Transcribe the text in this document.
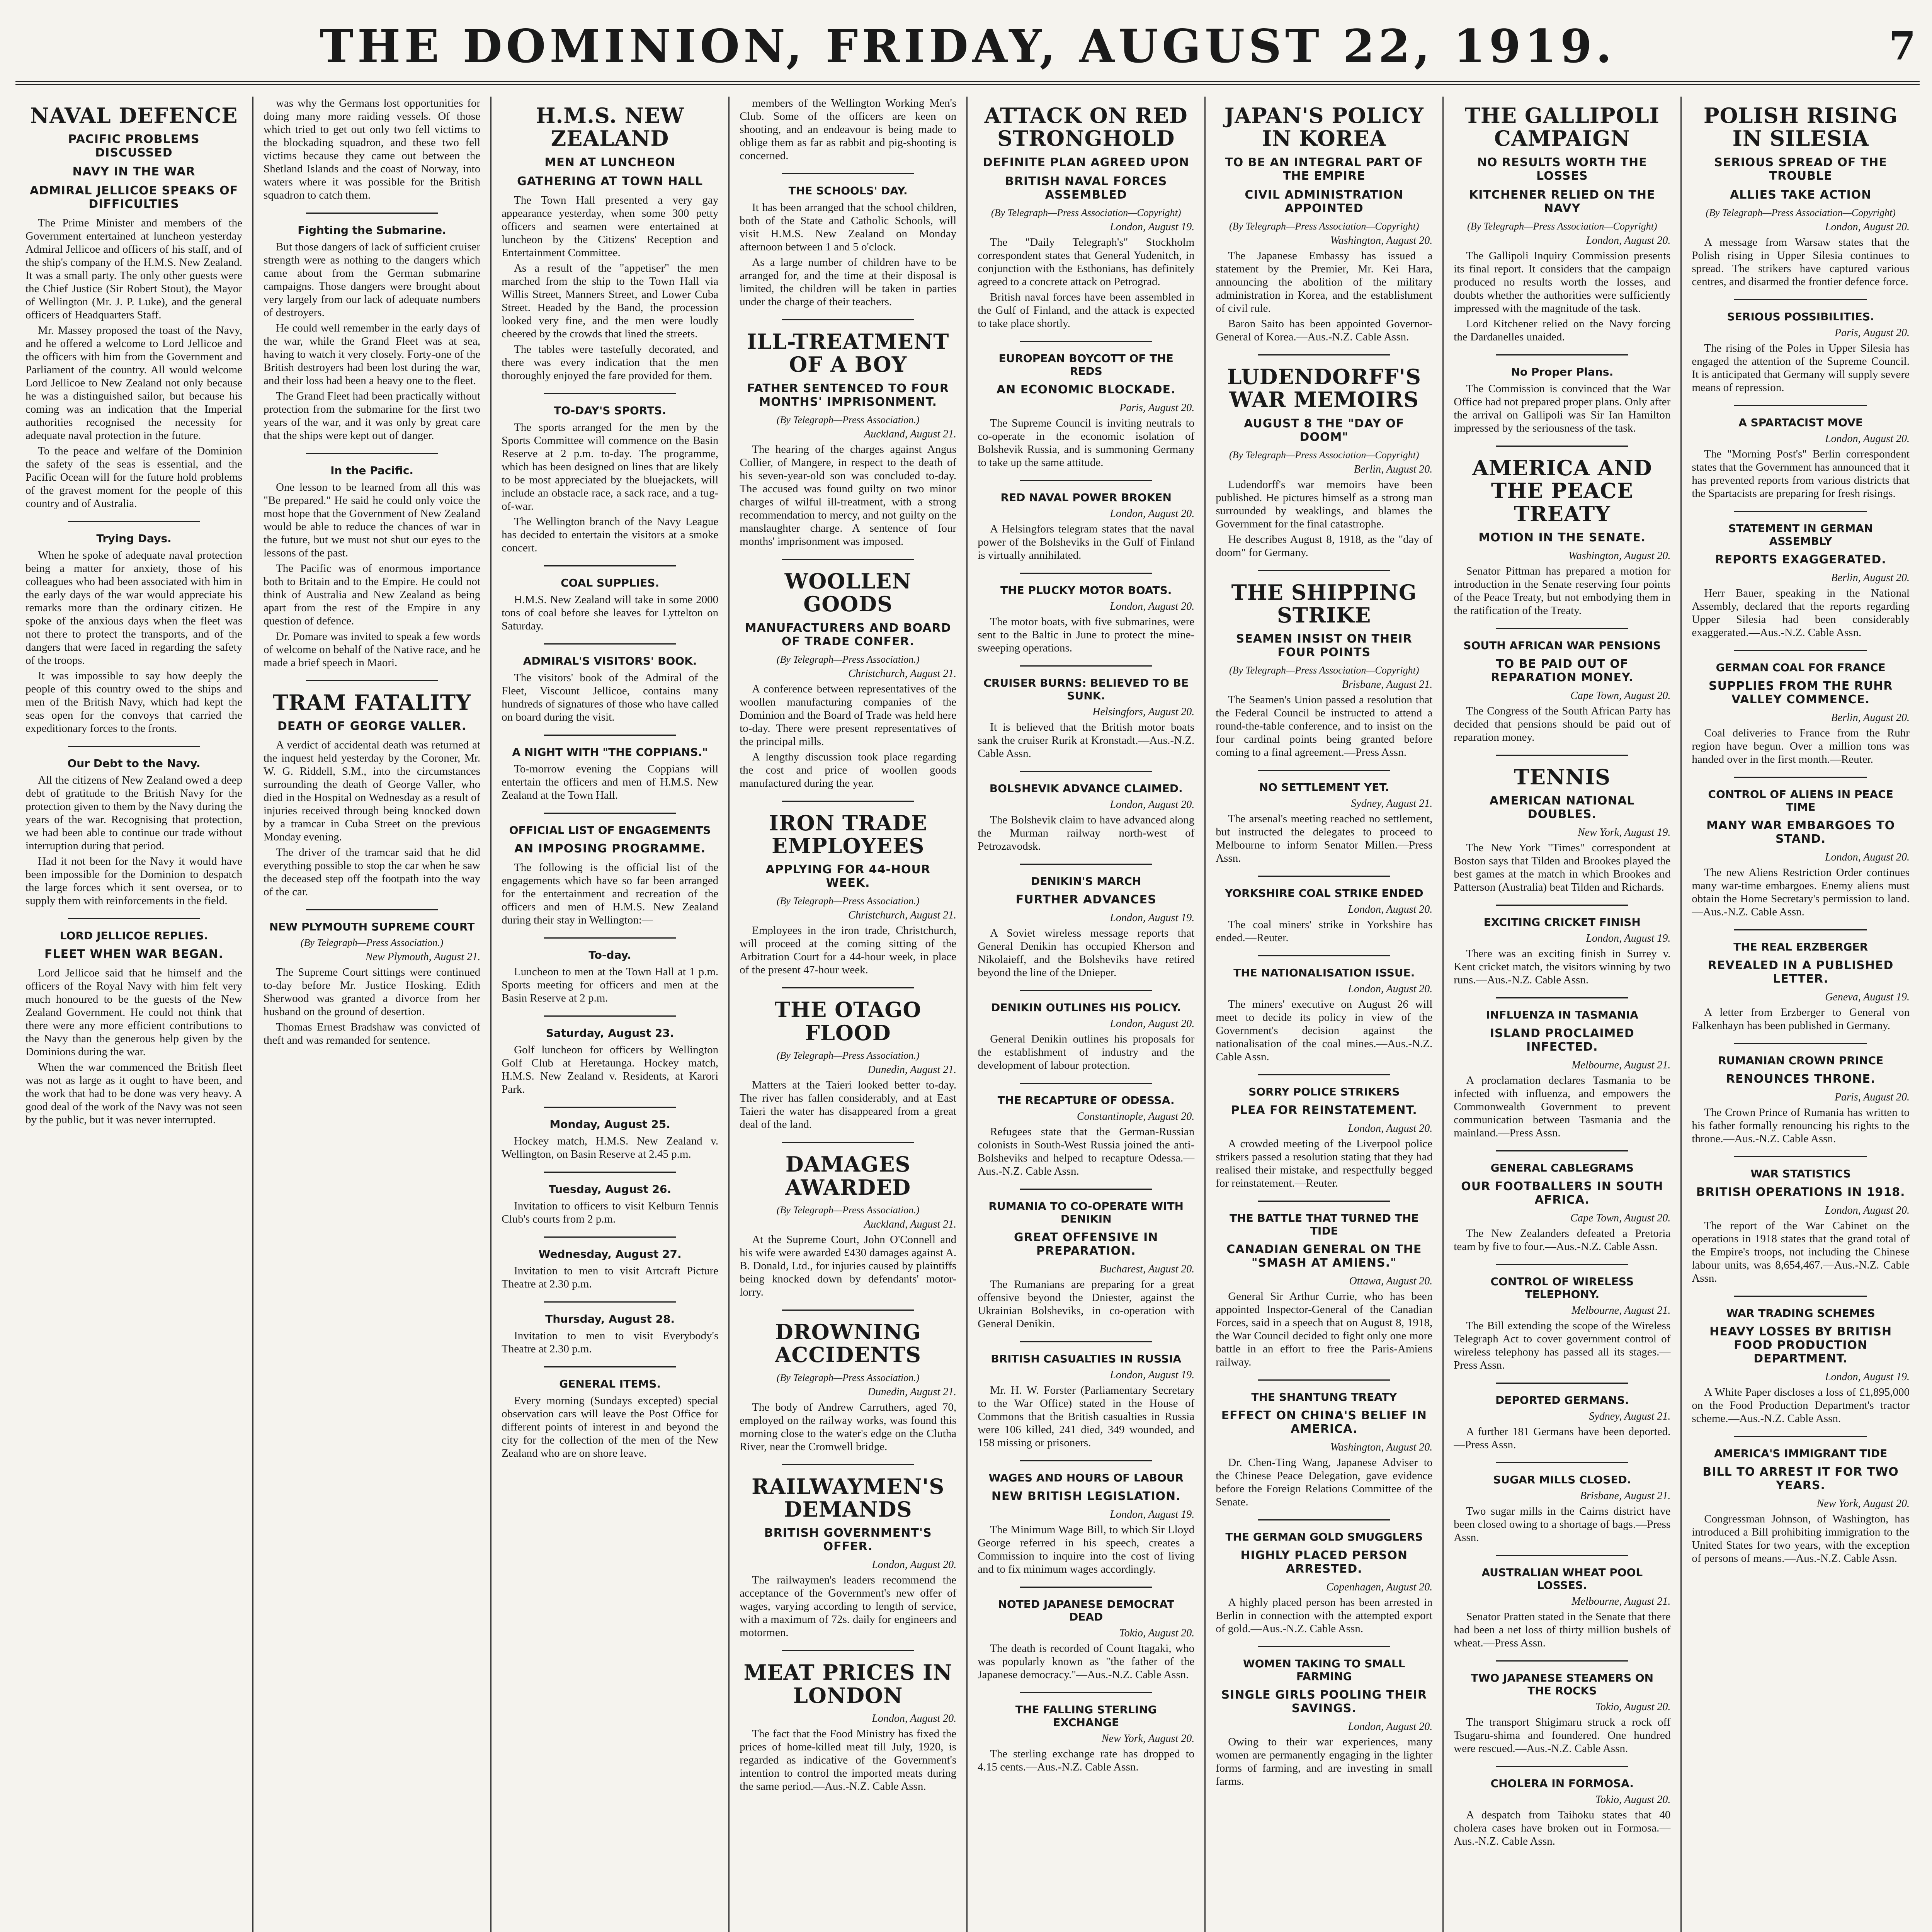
THE DOMINION, FRIDAY, AUGUST 22, 1919.	7
NAVAL DEFENCE
PACIFIC PROBLEMS DISCUSSED
NAVY IN THE WAR
ADMIRAL JELLICOE SPEAKS OF DIFFICULTIES

The Prime Minister and members of the Government entertained at luncheon yesterday Admiral Jellicoe and officers of his staff, and of the ship's company of the H.M.S. New Zealand. It was a small party. The only other guests were the Chief Justice (Sir Robert Stout), the Mayor of Wellington (Mr. J. P. Luke), and the general officers of Headquarters Staff.

Mr. Massey proposed the toast of the Navy, and he offered a welcome to Lord Jellicoe and the officers with him from the Government and Parliament of the country. All would welcome Lord Jellicoe to New Zealand not only because he was a distinguished sailor, but because his coming was an indication that the Imperial authorities recognised the necessity for adequate naval protection in the future.

To the peace and welfare of the Dominion the safety of the seas is essential, and the Pacific Ocean will for the future hold problems of the gravest moment for the people of this country and of Australia.

Trying Days.

When he spoke of adequate naval protection being a matter for anxiety, those of his colleagues who had been associated with him in the early days of the war would appreciate his remarks more than the ordinary citizen. He spoke of the anxious days when the fleet was not there to protect the transports, and of the dangers that were faced in regarding the safety of the troops.

It was impossible to say how deeply the people of this country owed to the ships and men of the British Navy, which had kept the seas open for the convoys that carried the expeditionary forces to the fronts.

Our Debt to the Navy.

All the citizens of New Zealand owed a deep debt of gratitude to the British Navy for the protection given to them by the Navy during the years of the war. Recognising that protection, we had been able to continue our trade without interruption during that period.

Had it not been for the Navy it would have been impossible for the Dominion to despatch the large forces which it sent oversea, or to supply them with reinforcements in the field.

LORD JELLICOE REPLIES.
FLEET WHEN WAR BEGAN.

Lord Jellicoe said that he himself and the officers of the Royal Navy with him felt very much honoured to be the guests of the New Zealand Government. He could not think that there were any more efficient contributions to the Navy than the generous help given by the Dominions during the war.

When the war commenced the British fleet was not as large as it ought to have been, and the work that had to be done was very heavy. A good deal of the work of the Navy was not seen by the public, but it was never interrupted.

was why the Germans lost opportunities for doing many more raiding vessels. Of those which tried to get out only two fell victims to the blockading squadron, and these two fell victims because they came out between the Shetland Islands and the coast of Norway, into waters where it was possible for the British squadron to catch them.

Fighting the Submarine.

But those dangers of lack of sufficient cruiser strength were as nothing to the dangers which came about from the German submarine campaigns. Those dangers were brought about very largely from our lack of adequate numbers of destroyers.

He could well remember in the early days of the war, while the Grand Fleet was at sea, having to watch it very closely. Forty-one of the British destroyers had been lost during the war, and their loss had been a heavy one to the fleet.

The Grand Fleet had been practically without protection from the submarine for the first two years of the war, and it was only by great care that the ships were kept out of danger.

In the Pacific.

One lesson to be learned from all this was "Be prepared." He said he could only voice the most hope that the Government of New Zealand would be able to reduce the chances of war in the future, but we must not shut our eyes to the lessons of the past.

The Pacific was of enormous importance both to Britain and to the Empire. He could not think of Australia and New Zealand as being apart from the rest of the Empire in any question of defence.

Dr. Pomare was invited to speak a few words of welcome on behalf of the Native race, and he made a brief speech in Maori.

TRAM FATALITY
DEATH OF GEORGE VALLER.

A verdict of accidental death was returned at the inquest held yesterday by the Coroner, Mr. W. G. Riddell, S.M., into the circumstances surrounding the death of George Valler, who died in the Hospital on Wednesday as a result of injuries received through being knocked down by a tramcar in Cuba Street on the previous Monday evening.

The driver of the tramcar said that he did everything possible to stop the car when he saw the deceased step off the footpath into the way of the car.

NEW PLYMOUTH SUPREME COURT
(By Telegraph—Press Association.)
New Plymouth, August 21.

The Supreme Court sittings were continued to-day before Mr. Justice Hosking. Edith Sherwood was granted a divorce from her husband on the ground of desertion.

Thomas Ernest Bradshaw was convicted of theft and was remanded for sentence.

H.M.S. NEW ZEALAND
MEN AT LUNCHEON
GATHERING AT TOWN HALL

The Town Hall presented a very gay appearance yesterday, when some 300 petty officers and seamen were entertained at luncheon by the Citizens' Reception and Entertainment Committee.

As a result of the "appetiser" the men marched from the ship to the Town Hall via Willis Street, Manners Street, and Lower Cuba Street. Headed by the Band, the procession looked very fine, and the men were loudly cheered by the crowds that lined the streets.

The tables were tastefully decorated, and there was every indication that the men thoroughly enjoyed the fare provided for them.

TO-DAY'S SPORTS.

The sports arranged for the men by the Sports Committee will commence on the Basin Reserve at 2 p.m. to-day. The programme, which has been designed on lines that are likely to be most appreciated by the bluejackets, will include an obstacle race, a sack race, and a tug-of-war.

The Wellington branch of the Navy League has decided to entertain the visitors at a smoke concert.

COAL SUPPLIES.

H.M.S. New Zealand will take in some 2000 tons of coal before she leaves for Lyttelton on Saturday.

ADMIRAL'S VISITORS' BOOK.

The visitors' book of the Admiral of the Fleet, Viscount Jellicoe, contains many hundreds of signatures of those who have called on board during the visit.

A NIGHT WITH "THE COPPIANS."

To-morrow evening the Coppians will entertain the officers and men of H.M.S. New Zealand at the Town Hall.

OFFICIAL LIST OF ENGAGEMENTS
AN IMPOSING PROGRAMME.

The following is the official list of the engagements which have so far been arranged for the entertainment and recreation of the officers and men of H.M.S. New Zealand during their stay in Wellington:—

To-day.

Luncheon to men at the Town Hall at 1 p.m. Sports meeting for officers and men at the Basin Reserve at 2 p.m.

Saturday, August 23.

Golf luncheon for officers by Wellington Golf Club at Heretaunga. Hockey match, H.M.S. New Zealand v. Residents, at Karori Park.

Monday, August 25.

Hockey match, H.M.S. New Zealand v. Wellington, on Basin Reserve at 2.45 p.m.

Tuesday, August 26.

Invitation to officers to visit Kelburn Tennis Club's courts from 2 p.m.

Wednesday, August 27.

Invitation to men to visit Artcraft Picture Theatre at 2.30 p.m.

Thursday, August 28.

Invitation to men to visit Everybody's Theatre at 2.30 p.m.

GENERAL ITEMS.

Every morning (Sundays excepted) special observation cars will leave the Post Office for different points of interest in and beyond the city for the collection of the men of the New Zealand who are on shore leave.

members of the Wellington Working Men's Club. Some of the officers are keen on shooting, and an endeavour is being made to oblige them as far as rabbit and pig-shooting is concerned.

THE SCHOOLS' DAY.

It has been arranged that the school children, both of the State and Catholic Schools, will visit H.M.S. New Zealand on Monday afternoon between 1 and 5 o'clock.

As a large number of children have to be arranged for, and the time at their disposal is limited, the children will be taken in parties under the charge of their teachers.

ILL-TREATMENT OF A BOY
FATHER SENTENCED TO FOUR MONTHS' IMPRISONMENT.
(By Telegraph—Press Association.)
Auckland, August 21.

The hearing of the charges against Angus Collier, of Mangere, in respect to the death of his seven-year-old son was concluded to-day. The accused was found guilty on two minor charges of wilful ill-treatment, with a strong recommendation to mercy, and not guilty on the manslaughter charge. A sentence of four months' imprisonment was imposed.

WOOLLEN GOODS
MANUFACTURERS AND BOARD OF TRADE CONFER.
(By Telegraph—Press Association.)
Christchurch, August 21.

A conference between representatives of the woollen manufacturing companies of the Dominion and the Board of Trade was held here to-day. There were present representatives of the principal mills.

A lengthy discussion took place regarding the cost and price of woollen goods manufactured during the year.

IRON TRADE EMPLOYEES
APPLYING FOR 44-HOUR WEEK.
(By Telegraph—Press Association.)
Christchurch, August 21.

Employees in the iron trade, Christchurch, will proceed at the coming sitting of the Arbitration Court for a 44-hour week, in place of the present 47-hour week.

THE OTAGO FLOOD
(By Telegraph—Press Association.)
Dunedin, August 21.

Matters at the Taieri looked better to-day. The river has fallen considerably, and at East Taieri the water has disappeared from a great deal of the land.

DAMAGES AWARDED
(By Telegraph—Press Association.)
Auckland, August 21.

At the Supreme Court, John O'Connell and his wife were awarded £430 damages against A. B. Donald, Ltd., for injuries caused by plaintiffs being knocked down by defendants' motor-lorry.

DROWNING ACCIDENTS
(By Telegraph—Press Association.)
Dunedin, August 21.

The body of Andrew Carruthers, aged 70, employed on the railway works, was found this morning close to the water's edge on the Clutha River, near the Cromwell bridge.

RAILWAYMEN'S DEMANDS
BRITISH GOVERNMENT'S OFFER.
London, August 20.

The railwaymen's leaders recommend the acceptance of the Government's new offer of wages, varying according to length of service, with a maximum of 72s. daily for engineers and motormen.

MEAT PRICES IN LONDON
London, August 20.

The fact that the Food Ministry has fixed the prices of home-killed meat till July, 1920, is regarded as indicative of the Government's intention to control the imported meats during the same period.—Aus.-N.Z. Cable Assn.

ATTACK ON RED STRONGHOLD
DEFINITE PLAN AGREED UPON
BRITISH NAVAL FORCES ASSEMBLED
(By Telegraph—Press Association—Copyright)
London, August 19.

The "Daily Telegraph's" Stockholm correspondent states that General Yudenitch, in conjunction with the Esthonians, has definitely agreed to a concrete attack on Petrograd.

British naval forces have been assembled in the Gulf of Finland, and the attack is expected to take place shortly.

EUROPEAN BOYCOTT OF THE REDS
AN ECONOMIC BLOCKADE.
Paris, August 20.

The Supreme Council is inviting neutrals to co-operate in the economic isolation of Bolshevik Russia, and is summoning Germany to take up the same attitude.

RED NAVAL POWER BROKEN
London, August 20.

A Helsingfors telegram states that the naval power of the Bolsheviks in the Gulf of Finland is virtually annihilated.

THE PLUCKY MOTOR BOATS.
London, August 20.

The motor boats, with five submarines, were sent to the Baltic in June to protect the mine-sweeping operations.

CRUISER BURNS: BELIEVED TO BE SUNK.
Helsingfors, August 20.

It is believed that the British motor boats sank the cruiser Rurik at Kronstadt.—Aus.-N.Z. Cable Assn.

BOLSHEVIK ADVANCE CLAIMED.
London, August 20.

The Bolshevik claim to have advanced along the Murman railway north-west of Petrozavodsk.

DENIKIN'S MARCH
FURTHER ADVANCES
London, August 19.

A Soviet wireless message reports that General Denikin has occupied Kherson and Nikolaieff, and the Bolsheviks have retired beyond the line of the Dnieper.

DENIKIN OUTLINES HIS POLICY.
London, August 20.

General Denikin outlines his proposals for the establishment of industry and the development of labour protection.

THE RECAPTURE OF ODESSA.
Constantinople, August 20.

Refugees state that the German-Russian colonists in South-West Russia joined the anti-Bolsheviks and helped to recapture Odessa.—Aus.-N.Z. Cable Assn.

RUMANIA TO CO-OPERATE WITH DENIKIN
GREAT OFFENSIVE IN PREPARATION.
Bucharest, August 20.

The Rumanians are preparing for a great offensive beyond the Dniester, against the Ukrainian Bolsheviks, in co-operation with General Denikin.

BRITISH CASUALTIES IN RUSSIA
London, August 19.

Mr. H. W. Forster (Parliamentary Secretary to the War Office) stated in the House of Commons that the British casualties in Russia were 106 killed, 241 died, 349 wounded, and 158 missing or prisoners.

WAGES AND HOURS OF LABOUR
NEW BRITISH LEGISLATION.
London, August 19.

The Minimum Wage Bill, to which Sir Lloyd George referred in his speech, creates a Commission to inquire into the cost of living and to fix minimum wages accordingly.

NOTED JAPANESE DEMOCRAT DEAD
Tokio, August 20.

The death is recorded of Count Itagaki, who was popularly known as "the father of the Japanese democracy."—Aus.-N.Z. Cable Assn.

THE FALLING STERLING EXCHANGE
New York, August 20.

The sterling exchange rate has dropped to 4.15 cents.—Aus.-N.Z. Cable Assn.

JAPAN'S POLICY IN KOREA
TO BE AN INTEGRAL PART OF THE EMPIRE
CIVIL ADMINISTRATION APPOINTED
(By Telegraph—Press Association—Copyright)
Washington, August 20.

The Japanese Embassy has issued a statement by the Premier, Mr. Kei Hara, announcing the abolition of the military administration in Korea, and the establishment of civil rule.

Baron Saito has been appointed Governor-General of Korea.—Aus.-N.Z. Cable Assn.

LUDENDORFF'S WAR MEMOIRS
AUGUST 8 THE "DAY OF DOOM"
(By Telegraph—Press Association—Copyright)
Berlin, August 20.

Ludendorff's war memoirs have been published. He pictures himself as a strong man surrounded by weaklings, and blames the Government for the final catastrophe.

He describes August 8, 1918, as the "day of doom" for Germany.

THE SHIPPING STRIKE
SEAMEN INSIST ON THEIR FOUR POINTS
(By Telegraph—Press Association—Copyright)
Brisbane, August 21.

The Seamen's Union passed a resolution that the Federal Council be instructed to attend a round-the-table conference, and to insist on the four cardinal points being granted before coming to a final agreement.—Press Assn.

NO SETTLEMENT YET.
Sydney, August 21.

The arsenal's meeting reached no settlement, but instructed the delegates to proceed to Melbourne to inform Senator Millen.—Press Assn.

YORKSHIRE COAL STRIKE ENDED
London, August 20.

The coal miners' strike in Yorkshire has ended.—Reuter.

THE NATIONALISATION ISSUE.
London, August 20.

The miners' executive on August 26 will meet to decide its policy in view of the Government's decision against the nationalisation of the coal mines.—Aus.-N.Z. Cable Assn.

SORRY POLICE STRIKERS
PLEA FOR REINSTATEMENT.
London, August 20.

A crowded meeting of the Liverpool police strikers passed a resolution stating that they had realised their mistake, and respectfully begged for reinstatement.—Reuter.

THE BATTLE THAT TURNED THE TIDE
CANADIAN GENERAL ON THE "SMASH AT AMIENS."
Ottawa, August 20.

General Sir Arthur Currie, who has been appointed Inspector-General of the Canadian Forces, said in a speech that on August 8, 1918, the War Council decided to fight only one more battle in an effort to free the Paris-Amiens railway.

THE SHANTUNG TREATY
EFFECT ON CHINA'S BELIEF IN AMERICA.
Washington, August 20.

Dr. Chen-Ting Wang, Japanese Adviser to the Chinese Peace Delegation, gave evidence before the Foreign Relations Committee of the Senate.

THE GERMAN GOLD SMUGGLERS
HIGHLY PLACED PERSON ARRESTED.
Copenhagen, August 20.

A highly placed person has been arrested in Berlin in connection with the attempted export of gold.—Aus.-N.Z. Cable Assn.

WOMEN TAKING TO SMALL FARMING
SINGLE GIRLS POOLING THEIR SAVINGS.
London, August 20.

Owing to their war experiences, many women are permanently engaging in the lighter forms of farming, and are investing in small farms.

THE GALLIPOLI CAMPAIGN
NO RESULTS WORTH THE LOSSES
KITCHENER RELIED ON THE NAVY
(By Telegraph—Press Association—Copyright)
London, August 20.

The Gallipoli Inquiry Commission presents its final report. It considers that the campaign produced no results worth the losses, and doubts whether the authorities were sufficiently impressed with the magnitude of the task.

Lord Kitchener relied on the Navy forcing the Dardanelles unaided.

No Proper Plans.

The Commission is convinced that the War Office had not prepared proper plans. Only after the arrival on Gallipoli was Sir Ian Hamilton impressed by the seriousness of the task.

AMERICA AND THE PEACE TREATY
MOTION IN THE SENATE.
Washington, August 20.

Senator Pittman has prepared a motion for introduction in the Senate reserving four points of the Peace Treaty, but not embodying them in the ratification of the Treaty.

SOUTH AFRICAN WAR PENSIONS
TO BE PAID OUT OF REPARATION MONEY.
Cape Town, August 20.

The Congress of the South African Party has decided that pensions should be paid out of reparation money.

TENNIS
AMERICAN NATIONAL DOUBLES.
New York, August 19.

The New York "Times" correspondent at Boston says that Tilden and Brookes played the best games at the match in which Brookes and Patterson (Australia) beat Tilden and Richards.

EXCITING CRICKET FINISH
London, August 19.

There was an exciting finish in Surrey v. Kent cricket match, the visitors winning by two runs.—Aus.-N.Z. Cable Assn.

INFLUENZA IN TASMANIA
ISLAND PROCLAIMED INFECTED.
Melbourne, August 21.

A proclamation declares Tasmania to be infected with influenza, and empowers the Commonwealth Government to prevent communication between Tasmania and the mainland.—Press Assn.

GENERAL CABLEGRAMS
OUR FOOTBALLERS IN SOUTH AFRICA.
Cape Town, August 20.

The New Zealanders defeated a Pretoria team by five to four.—Aus.-N.Z. Cable Assn.

CONTROL OF WIRELESS TELEPHONY.
Melbourne, August 21.

The Bill extending the scope of the Wireless Telegraph Act to cover government control of wireless telephony has passed all its stages.—Press Assn.

DEPORTED GERMANS.
Sydney, August 21.

A further 181 Germans have been deported.—Press Assn.

SUGAR MILLS CLOSED.
Brisbane, August 21.

Two sugar mills in the Cairns district have been closed owing to a shortage of bags.—Press Assn.

AUSTRALIAN WHEAT POOL LOSSES.
Melbourne, August 21.

Senator Pratten stated in the Senate that there had been a net loss of thirty million bushels of wheat.—Press Assn.

TWO JAPANESE STEAMERS ON THE ROCKS
Tokio, August 20.

The transport Shigimaru struck a rock off Tsugaru-shima and foundered. One hundred were rescued.—Aus.-N.Z. Cable Assn.

CHOLERA IN FORMOSA.
Tokio, August 20.

A despatch from Taihoku states that 40 cholera cases have broken out in Formosa.—Aus.-N.Z. Cable Assn.

POLISH RISING IN SILESIA
SERIOUS SPREAD OF THE TROUBLE
ALLIES TAKE ACTION
(By Telegraph—Press Association—Copyright)
London, August 20.

A message from Warsaw states that the Polish rising in Upper Silesia continues to spread. The strikers have captured various centres, and disarmed the frontier defence force.

SERIOUS POSSIBILITIES.
Paris, August 20.

The rising of the Poles in Upper Silesia has engaged the attention of the Supreme Council. It is anticipated that Germany will supply severe means of repression.

A SPARTACIST MOVE
London, August 20.

The "Morning Post's" Berlin correspondent states that the Government has announced that it has prevented reports from various districts that the Spartacists are preparing for fresh risings.

STATEMENT IN GERMAN ASSEMBLY
REPORTS EXAGGERATED.
Berlin, August 20.

Herr Bauer, speaking in the National Assembly, declared that the reports regarding Upper Silesia had been considerably exaggerated.—Aus.-N.Z. Cable Assn.

GERMAN COAL FOR FRANCE
SUPPLIES FROM THE RUHR VALLEY COMMENCE.
Berlin, August 20.

Coal deliveries to France from the Ruhr region have begun. Over a million tons was handed over in the first month.—Reuter.

CONTROL OF ALIENS IN PEACE TIME
MANY WAR EMBARGOES TO STAND.
London, August 20.

The new Aliens Restriction Order continues many war-time embargoes. Enemy aliens must obtain the Home Secretary's permission to land.—Aus.-N.Z. Cable Assn.

THE REAL ERZBERGER
REVEALED IN A PUBLISHED LETTER.
Geneva, August 19.

A letter from Erzberger to General von Falkenhayn has been published in Germany.

RUMANIAN CROWN PRINCE
RENOUNCES THRONE.
Paris, August 20.

The Crown Prince of Rumania has written to his father formally renouncing his rights to the throne.—Aus.-N.Z. Cable Assn.

WAR STATISTICS
BRITISH OPERATIONS IN 1918.
London, August 20.

The report of the War Cabinet on the operations in 1918 states that the grand total of the Empire's troops, not including the Chinese labour units, was 8,654,467.—Aus.-N.Z. Cable Assn.

WAR TRADING SCHEMES
HEAVY LOSSES BY BRITISH FOOD PRODUCTION DEPARTMENT.
London, August 19.

A White Paper discloses a loss of £1,895,000 on the Food Production Department's tractor scheme.—Aus.-N.Z. Cable Assn.

AMERICA'S IMMIGRANT TIDE
BILL TO ARREST IT FOR TWO YEARS.
New York, August 20.

Congressman Johnson, of Washington, has introduced a Bill prohibiting immigration to the United States for two years, with the exception of persons of means.—Aus.-N.Z. Cable Assn.
